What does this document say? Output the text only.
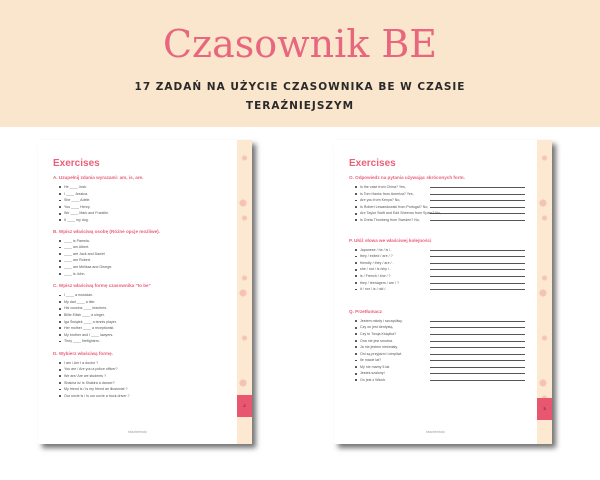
Czasownik BE
17 ZADAŃ NA UŻYCIE CZASOWNIKA BE W CZASIE TERAŹNIEJSZYM
2
Exercises
A. Uzupełnij zdania wyrazami: am, is, are.
He ____ Josh.
I ____ Jessica.
She ____ Adele.
You ____ Henry.
We ____ Mark and Franklin.
It ____ my dog.
B. Wpisz właściwą osobę (Różne opcje możliwe).
____ is Pamela.
____ am Albert.
____ are Jack and Daniel
____ are Robert.
____ are Melissa and George.
____ is John.
C. Wpisz właściwą formę czasownika "to be"
I ____ a musician.
My dad ____ a tiler.
His cousins ____ teachers.
Billie Eilish ____ a singer.
Iga Świątek ____ a tennis player.
Her mother ____ a receptionist.
My brother and I ____ lawyers.
They ____ firefighters.
D. Wybierz właściwą formę.
I am / Am I a doctor ?
You are / Are you a police officer?
We are/ Are we students ?
Shakira is/ Is Shakira a dancer?
My friend is / Is my friend an illusionist ?
Our uncle is / Is our uncle a truck driver ?
teacherindo
3
Exercises
O. Odpowiedz na pytania używając skróconych form.
Is the vase from China? Yes,
Is Tom Hanks from America? Yes,
Are you from Kenya? No,
Is Robert Lewandowski from Portugal? No,
Are Taylor Swift and Edd Sheeran from Spain? No,
Is Greta Thunberg from Sweden? No,
P. Ułóż słowa we właściwej kolejności
Japanese / he / is / .
they / exited / are / ?
friendly / they / are / .
she / not / is /shy / .
is / French / she / ?
they / teenagers / are / ?
it / nor / is / old / .
Q. Przetłumacz
Jestem młody i szczęśliwy.
Czy on jest dentystą.
Czy to Twoja Książka?
Ona nie jest smutna.
Ja nie jestem nieśmiały.
Oni są przyjaźni i cierpliwi.
Ile macie lat?
My nie mamy 5 lat.
Jesteś szalony!
On jest z Włoch.
teacherindo
